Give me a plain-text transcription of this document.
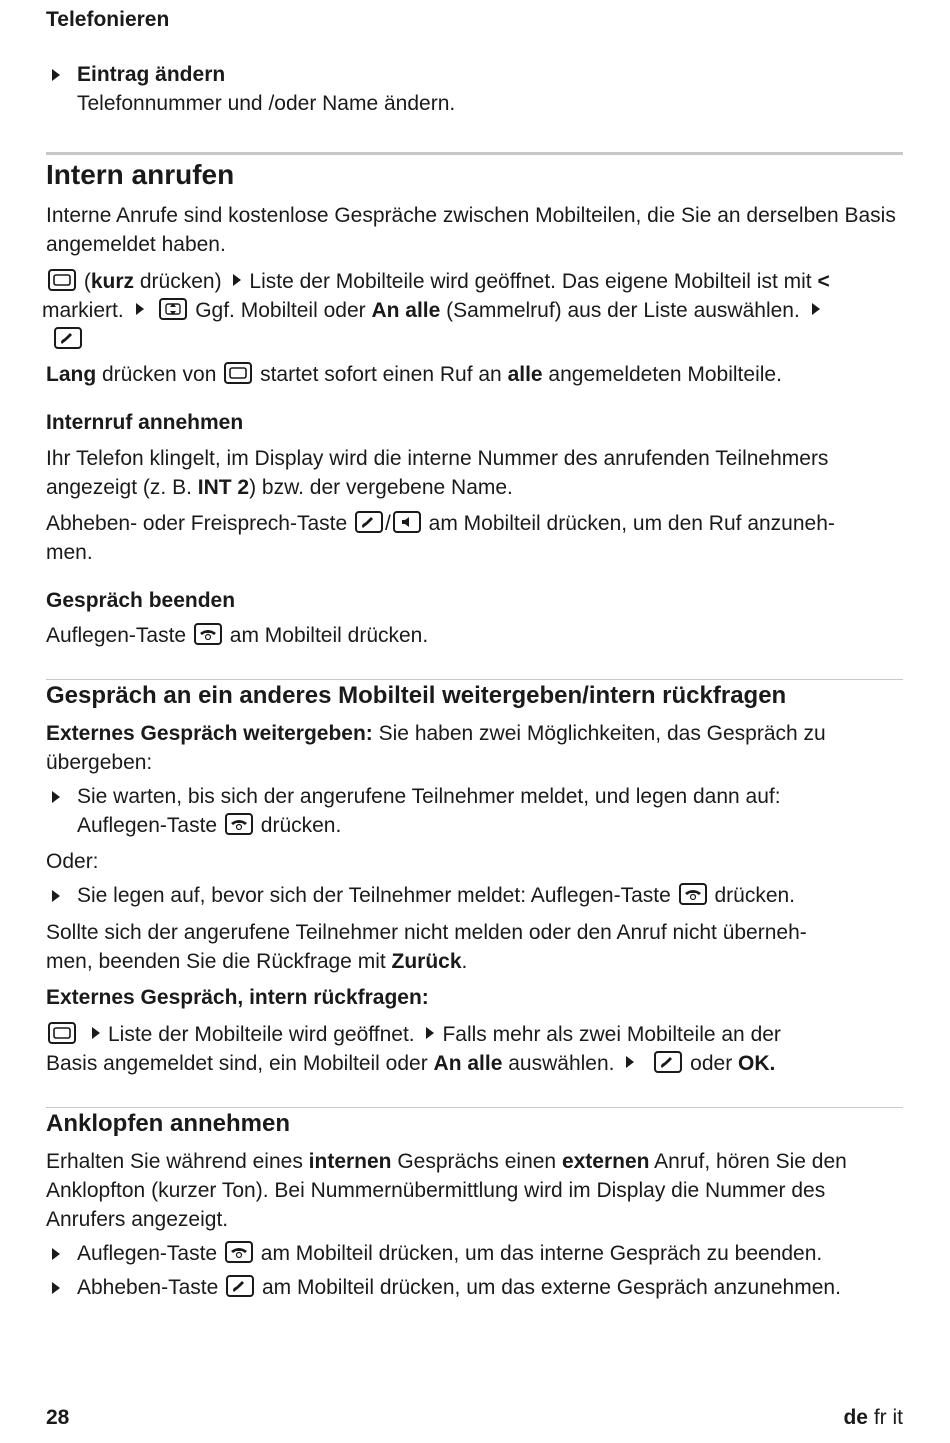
Telefonieren
Eintrag ändern
Telefonnummer und /oder Name ändern.
Intern anrufen

Interne Anrufe sind kostenlose Gespräche zwischen Mobilteilen, die Sie an derselben Basis angemeldet haben.

(kurz drücken) Liste der Mobilteile wird geöffnet. Das eigene Mobilteil ist mit <
markiert.	Ggf. Mobilteil oder An alle (Sammelruf) aus der Liste auswählen.

Lang drücken von
startet sofort einen Ruf an alle angemeldeten Mobilteile.

Internruf annehmen

Ihr Telefon klingelt, im Display wird die interne Nummer des anrufenden Teilnehmers angezeigt (z. B. INT 2) bzw. der vergebene Name.

Abheben- oder Freisprech-Taste
/
am Mobilteil drücken, um den Ruf anzuneh-
men.

Gespräch beenden

Auflegen-Taste
am Mobilteil drücken.

Gespräch an ein anderes Mobilteil weitergeben/intern rückfragen

Externes Gespräch weitergeben: Sie haben zwei Möglichkeiten, das Gespräch zu übergeben:

Sie warten, bis sich der angerufene Teilnehmer meldet, und legen dann auf:
Auflegen-Taste
drücken.

Oder:

Sie legen auf, bevor sich der Teilnehmer meldet: Auflegen-Taste
drücken.

Sollte sich der angerufene Teilnehmer nicht melden oder den Anruf nicht überneh-
men, beenden Sie die Rückfrage mit Zurück.

Externes Gespräch, intern rückfragen:

Liste der Mobilteile wird geöffnet. Falls mehr als zwei Mobilteile an der
Basis angemeldet sind, ein Mobilteil oder An alle auswählen.	oder OK.

Anklopfen annehmen

Erhalten Sie während eines internen Gesprächs einen externen Anruf, hören Sie den Anklopfton (kurzer Ton). Bei Nummernübermittlung wird im Display die Nummer des Anrufers angezeigt.

Auflegen-Taste
am Mobilteil drücken, um das interne Gespräch zu beenden.
Abheben-Taste
am Mobilteil drücken, um das externe Gespräch anzunehmen.
28	de fr it
